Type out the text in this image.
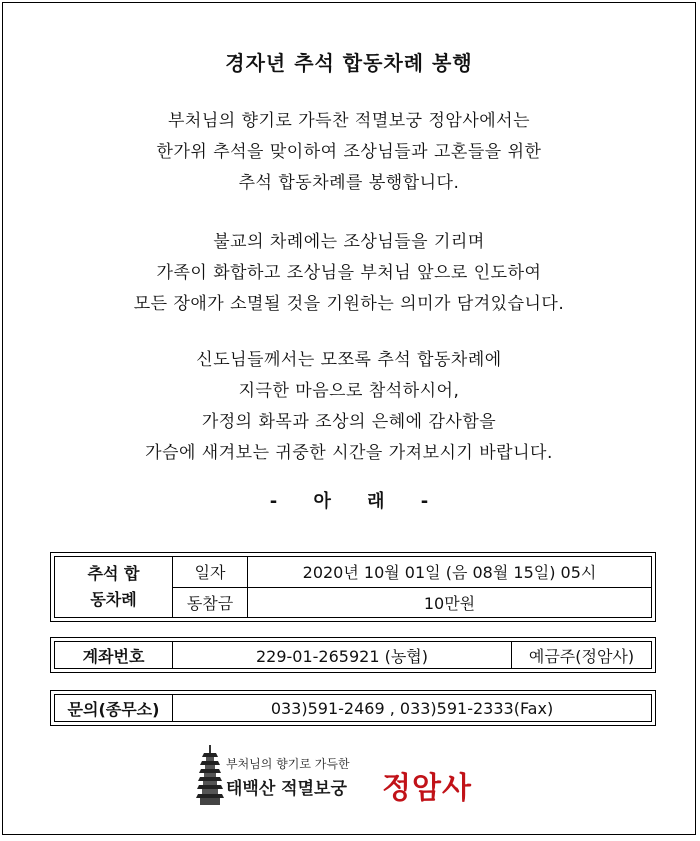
경자년 추석 합동차례 봉행
부처님의 향기로 가득찬 적멸보궁 정암사에서는
한가위 추석을 맞이하여 조상님들과 고혼들을 위한
추석 합동차례를 봉행합니다.
불교의 차례에는 조상님들을 기리며
가족이 화합하고 조상님을 부처님 앞으로 인도하여
모든 장애가 소멸될 것을 기원하는 의미가 담겨있습니다.
신도님들께서는 모쪼록 추석 합동차례에
지극한 마음으로 참석하시어,
가정의 화목과 조상의 은혜에 감사함을
가슴에 새겨보는 귀중한 시간을 가져보시기 바랍니다.
- 아 래 -
추석 합동차례	일자	2020년 10월 01일 (음 08월 15일) 05시
	동참금	10만원
계좌번호	229-01-265921 (농협)	예금주(정암사)
문의(종무소)	033)591-2469 , 033)591-2333(Fax)
부처님의 향기로 가득한
태백산 적멸보궁 정암사
